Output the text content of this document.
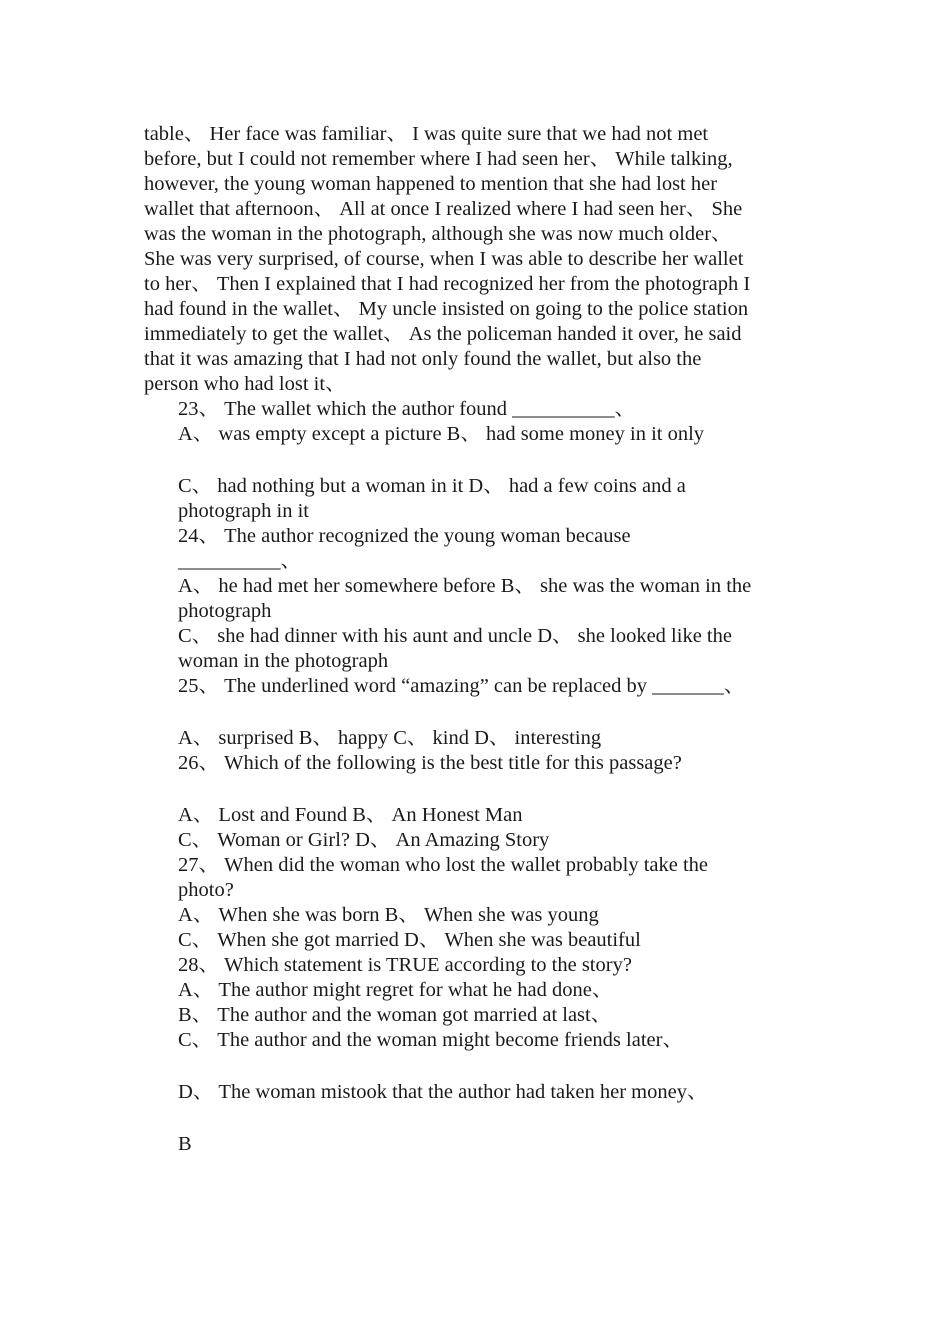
table、 Her face was familiar、 I was quite sure that we had not met
before, but I could not remember where I had seen her、 While talking,
however, the young woman happened to mention that she had lost her
wallet that afternoon、 All at once I realized where I had seen her、 She
was the woman in the photograph, although she was now much older、
She was very surprised, of course, when I was able to describe her wallet
to her、 Then I explained that I had recognized her from the photograph I
had found in the wallet、 My uncle insisted on going to the police station
immediately to get the wallet、 As the policeman handed it over, he said
that it was amazing that I had not only found the wallet, but also the
person who had lost it、
23、 The wallet which the author found __________、
A、 was empty except a picture B、 had some money in it only
C、 had nothing but a woman in it D、 had a few coins and a
photograph in it
24、 The author recognized the young woman because
__________、
A、 he had met her somewhere before B、 she was the woman in the
photograph
C、 she had dinner with his aunt and uncle D、 she looked like the
woman in the photograph
25、 The underlined word “amazing” can be replaced by _______、
A、 surprised B、 happy C、 kind D、 interesting
26、 Which of the following is the best title for this passage?
A、 Lost and Found B、 An Honest Man
C、 Woman or Girl? D、 An Amazing Story
27、 When did the woman who lost the wallet probably take the
photo?
A、 When she was born B、 When she was young
C、 When she got married D、 When she was beautiful
28、 Which statement is TRUE according to the story?
A、 The author might regret for what he had done、
B、 The author and the woman got married at last、
C、 The author and the woman might become friends later、
D、 The woman mistook that the author had taken her money、
B
